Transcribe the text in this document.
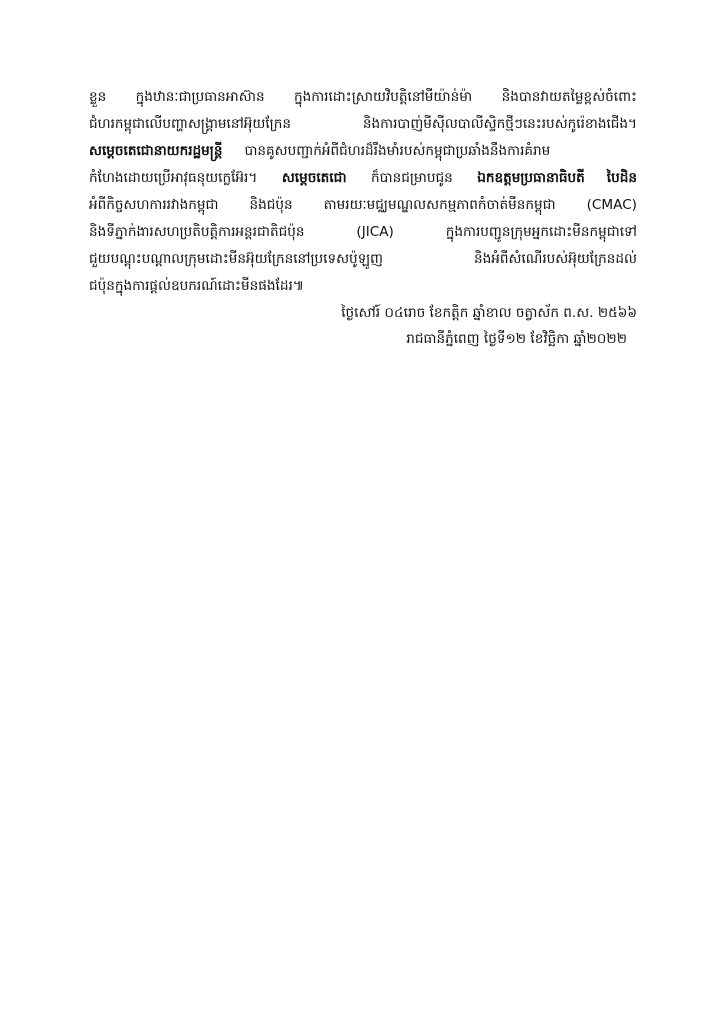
ខ្លួន ក្នុងឋានៈជាប្រធានអាស៊ាន ក្នុងការដោះស្រាយវិបត្តិនៅមីយ៉ាន់ម៉ា និងបានវាយតម្លៃខ្ពស់ចំពោះ
ជំហរកម្ពុជាលើបញ្ហាសង្គ្រាមនៅអ៊ុយក្រែន និងការបាញ់មីស៊ីលបាលីស្ទិកថ្មីៗនេះរបស់កូរ៉េខាងជើង។
សម្តេចតេជោនាយករដ្ឋមន្ត្រី បានគូសបញ្ជាក់អំពីជំហរដ៏រឹងមាំរបស់កម្ពុជាប្រឆាំងនឹងការគំរាម
កំហែងដោយប្រើអាវុធនុយក្លេអ៊ែរ។ សម្តេចតេជោ ក៏បានជម្រាបជូន ឯកឧត្តមប្រធានាធិបតី បៃដិន
អំពីកិច្ចសហការរវាងកម្ពុជា និងជប៉ុន តាមរយៈមជ្ឈមណ្ឌលសកម្មភាពកំចាត់មីនកម្ពុជា (CMAC)
និងទីភ្នាក់ងារសហប្រតិបត្តិការអន្តរជាតិជប៉ុន (JICA) ក្នុងការបញ្ជូនក្រុមអ្នកដោះមីនកម្ពុជាទៅ
ជួយបណ្តុះបណ្តាលក្រុមដោះមីនអ៊ុយក្រែននៅប្រទេសប៉ូឡូញ និងអំពីសំណើរបស់អ៊ុយក្រែនដល់
ជប៉ុនក្នុងការផ្តល់ឧបករណ៍ដោះមីនផងដែរ៕
ថ្ងៃសៅរ៍ ០៤រោច ខែកត្តិក ឆ្នាំខាល ចត្វាស័ក ព.ស. ២៥៦៦
រាជធានីភ្នំពេញ ថ្ងៃទី១២ ខែវិច្ឆិកា ឆ្នាំ២០២២
